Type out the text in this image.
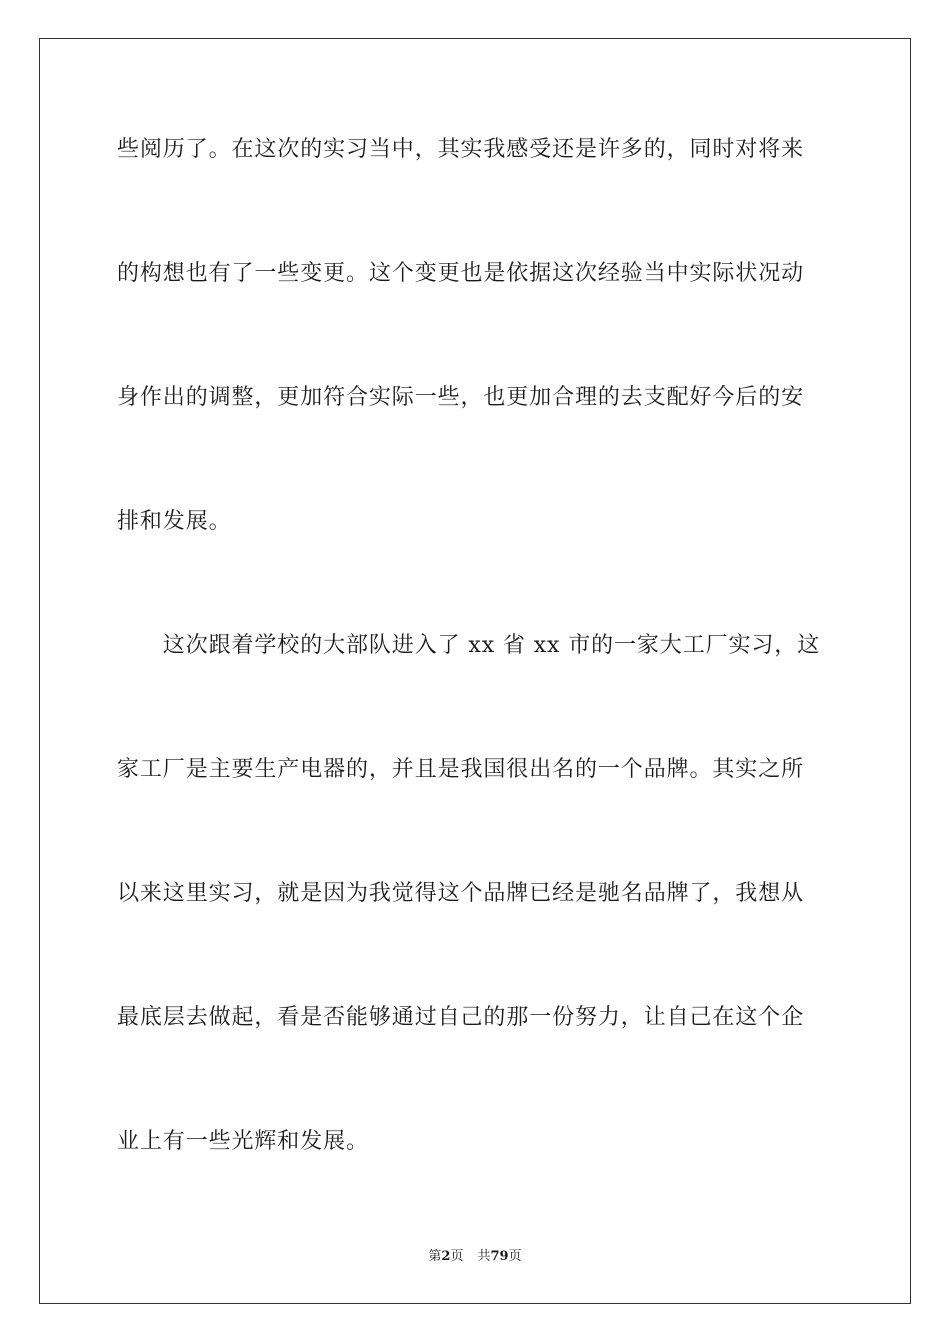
些阅历了。在这次的实习当中，其实我感受还是许多的，同时对将来
的构想也有了一些变更。这个变更也是依据这次经验当中实际状况动
身作出的调整，更加符合实际一些，也更加合理的去支配好今后的安
排和发展。
　　这次跟着学校的大部队进入了 xx 省 xx 市的一家大工厂实习，这
家工厂是主要生产电器的，并且是我国很出名的一个品牌。其实之所
以来这里实习，就是因为我觉得这个品牌已经是驰名品牌了，我想从
最底层去做起，看是否能够通过自己的那一份努力，让自己在这个企
业上有一些光辉和发展。
第2页 共79页
